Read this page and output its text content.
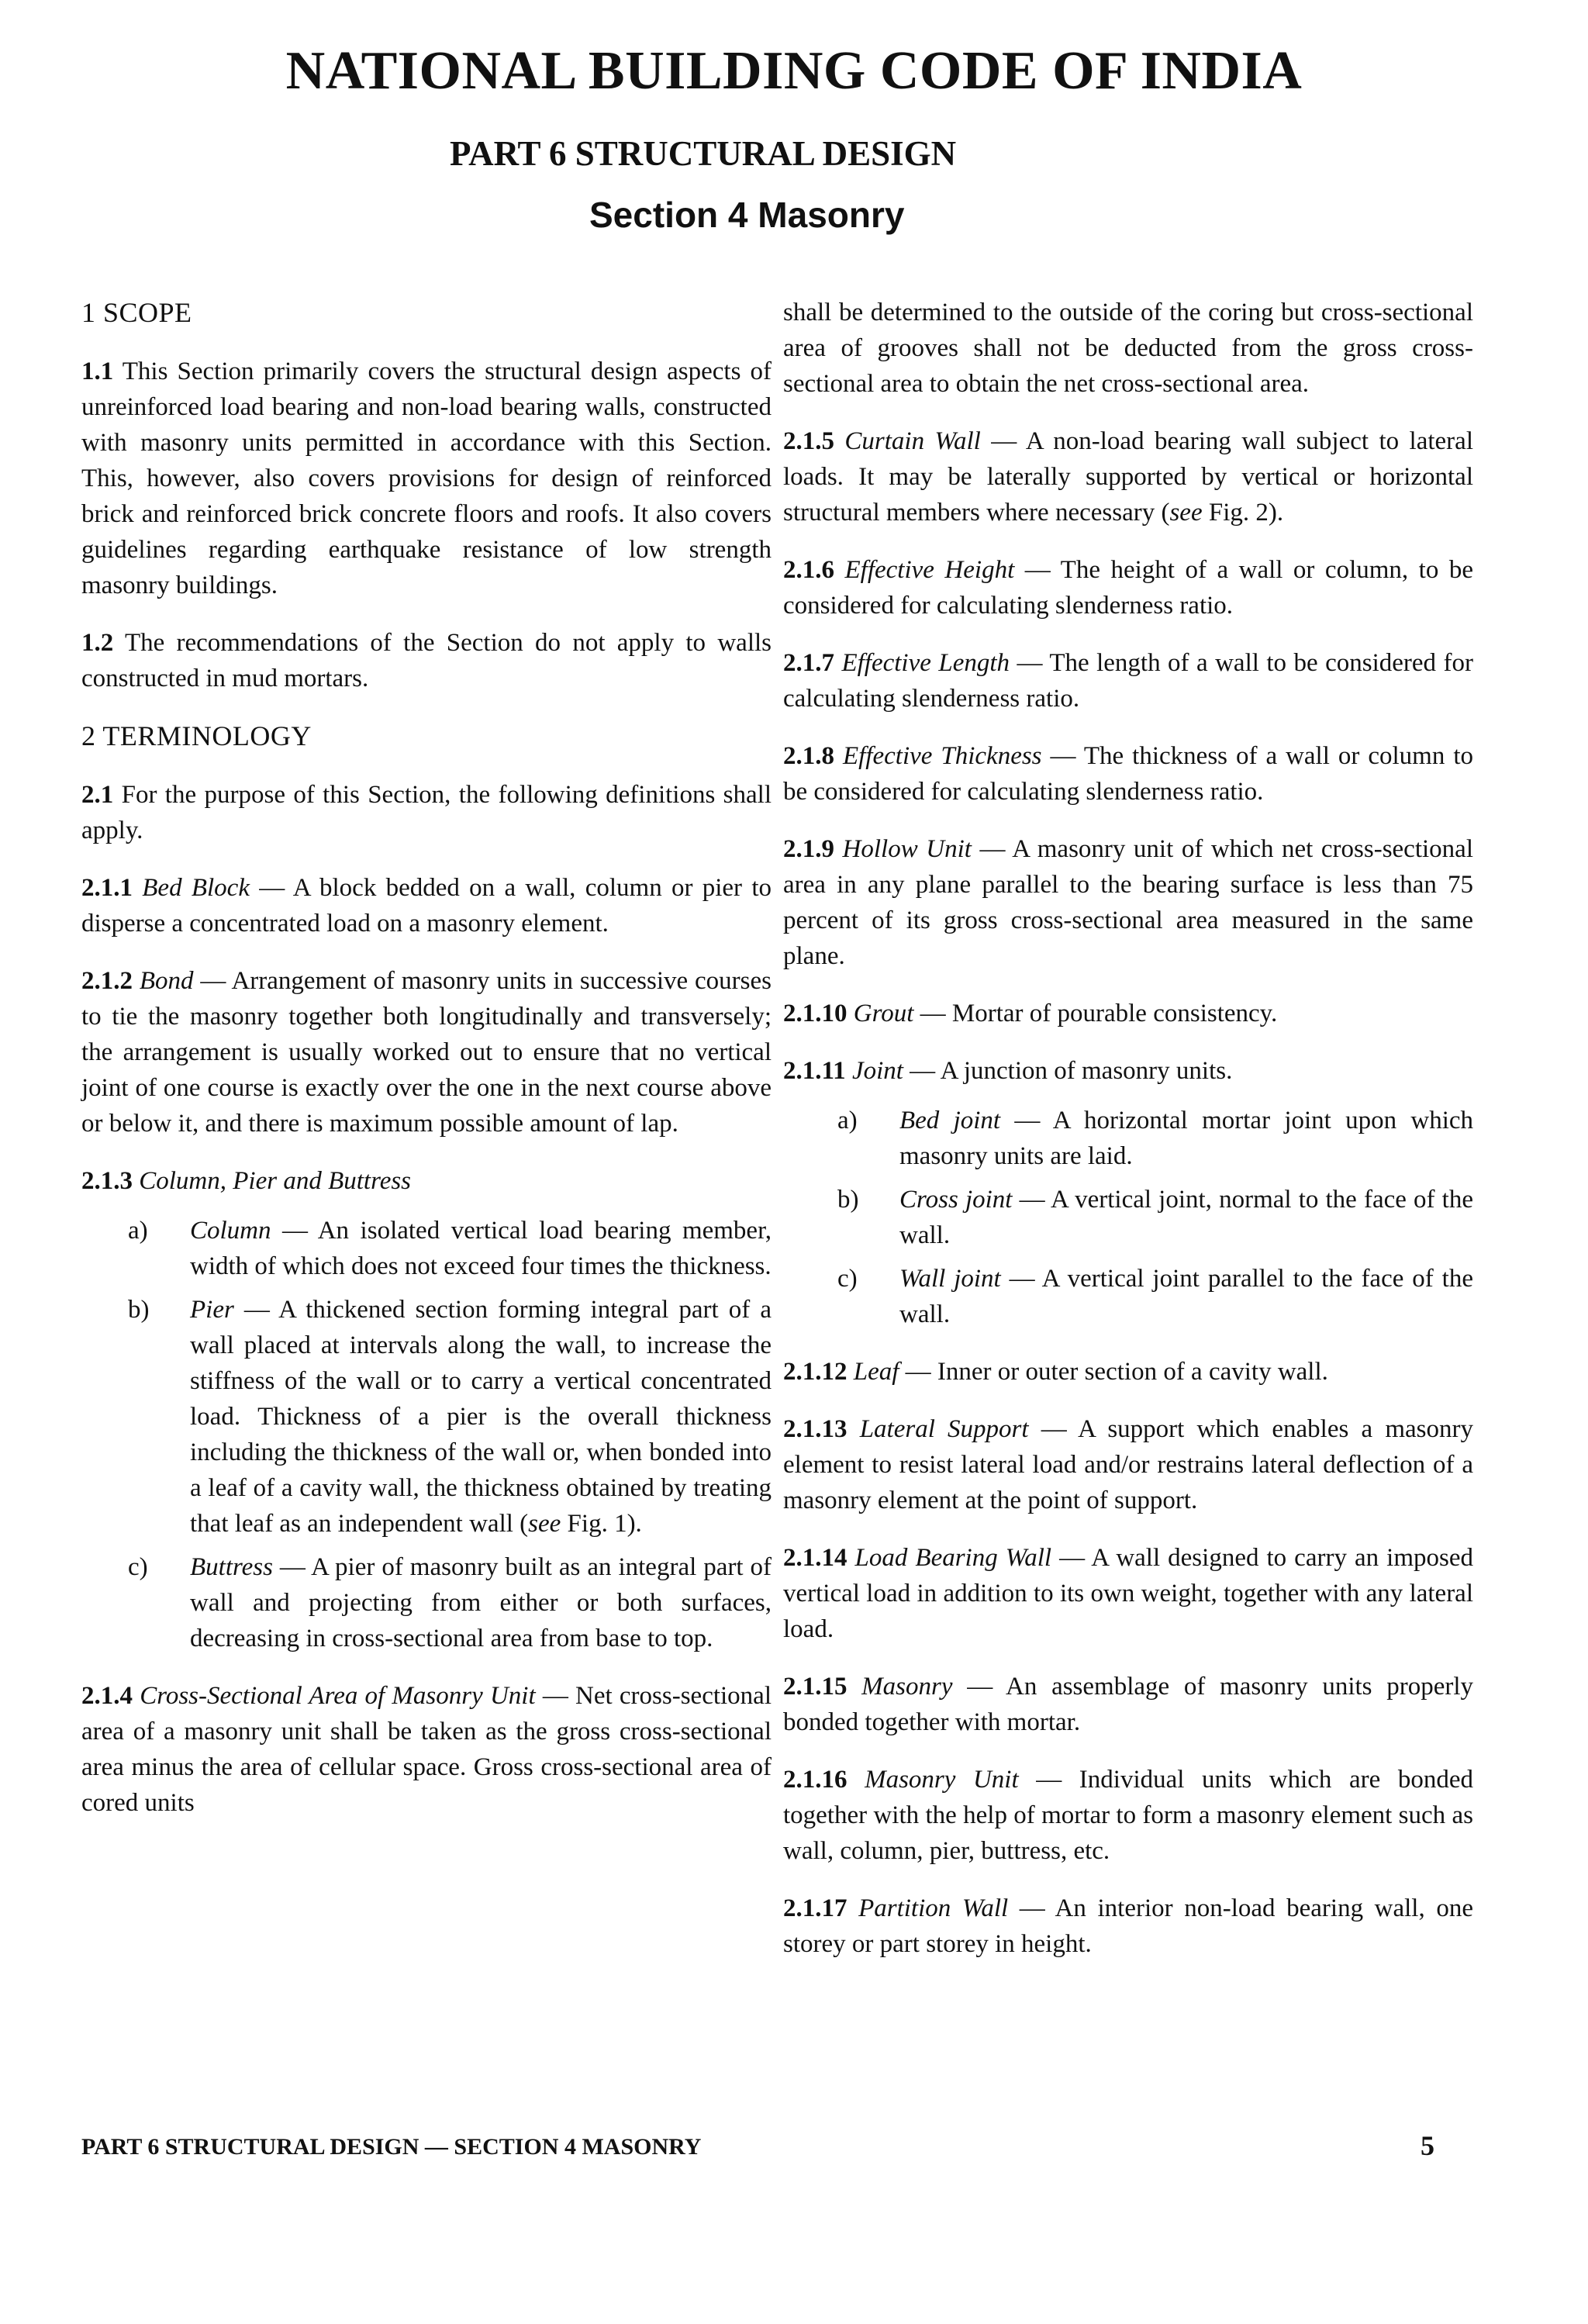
NATIONAL BUILDING CODE OF INDIA

PART 6 STRUCTURAL DESIGN

Section 4 Masonry

1 SCOPE

1.1 This Section primarily covers the structural design aspects of unreinforced load bearing and non-load bearing walls, constructed with masonry units permitted in accordance with this Section. This, however, also covers provisions for design of reinforced brick and reinforced brick concrete floors and roofs. It also covers guidelines regarding earthquake resistance of low strength masonry buildings.

1.2 The recommendations of the Section do not apply to walls constructed in mud mortars.

2 TERMINOLOGY

2.1 For the purpose of this Section, the following definitions shall apply.

2.1.1 Bed Block — A block bedded on a wall, column or pier to disperse a concentrated load on a masonry element.

2.1.2 Bond — Arrangement of masonry units in successive courses to tie the masonry together both longitudinally and transversely; the arrangement is usually worked out to ensure that no vertical joint of one course is exactly over the one in the next course above or below it, and there is maximum possible amount of lap.

2.1.3 Column, Pier and Buttress

a) Column — An isolated vertical load bearing member, width of which does not exceed four times the thickness.
b) Pier — A thickened section forming integral part of a wall placed at intervals along the wall, to increase the stiffness of the wall or to carry a vertical concentrated load. Thickness of a pier is the overall thickness including the thickness of the wall or, when bonded into a leaf of a cavity wall, the thickness obtained by treating that leaf as an independent wall (see Fig. 1).
c) Buttress — A pier of masonry built as an integral part of wall and projecting from either or both surfaces, decreasing in cross-sectional area from base to top.

2.1.4 Cross-Sectional Area of Masonry Unit — Net cross-sectional area of a masonry unit shall be taken as the gross cross-sectional area minus the area of cellular space. Gross cross-sectional area of cored units

shall be determined to the outside of the coring but cross-sectional area of grooves shall not be deducted from the gross cross-sectional area to obtain the net cross-sectional area.

2.1.5 Curtain Wall — A non-load bearing wall subject to lateral loads. It may be laterally supported by vertical or horizontal structural members where necessary (see Fig. 2).

2.1.6 Effective Height — The height of a wall or column, to be considered for calculating slenderness ratio.

2.1.7 Effective Length — The length of a wall to be considered for calculating slenderness ratio.

2.1.8 Effective Thickness — The thickness of a wall or column to be considered for calculating slenderness ratio.

2.1.9 Hollow Unit — A masonry unit of which net cross-sectional area in any plane parallel to the bearing surface is less than 75 percent of its gross cross-sectional area measured in the same plane.

2.1.10 Grout — Mortar of pourable consistency.

2.1.11 Joint — A junction of masonry units.

a) Bed joint — A horizontal mortar joint upon which masonry units are laid.
b) Cross joint — A vertical joint, normal to the face of the wall.
c) Wall joint — A vertical joint parallel to the face of the wall.

2.1.12 Leaf — Inner or outer section of a cavity wall.

2.1.13 Lateral Support — A support which enables a masonry element to resist lateral load and/or restrains lateral deflection of a masonry element at the point of support.

2.1.14 Load Bearing Wall — A wall designed to carry an imposed vertical load in addition to its own weight, together with any lateral load.

2.1.15 Masonry — An assemblage of masonry units properly bonded together with mortar.

2.1.16 Masonry Unit — Individual units which are bonded together with the help of mortar to form a masonry element such as wall, column, pier, buttress, etc.

2.1.17 Partition Wall — An interior non-load bearing wall, one storey or part storey in height.

PART 6 STRUCTURAL DESIGN — SECTION 4 MASONRY	5
